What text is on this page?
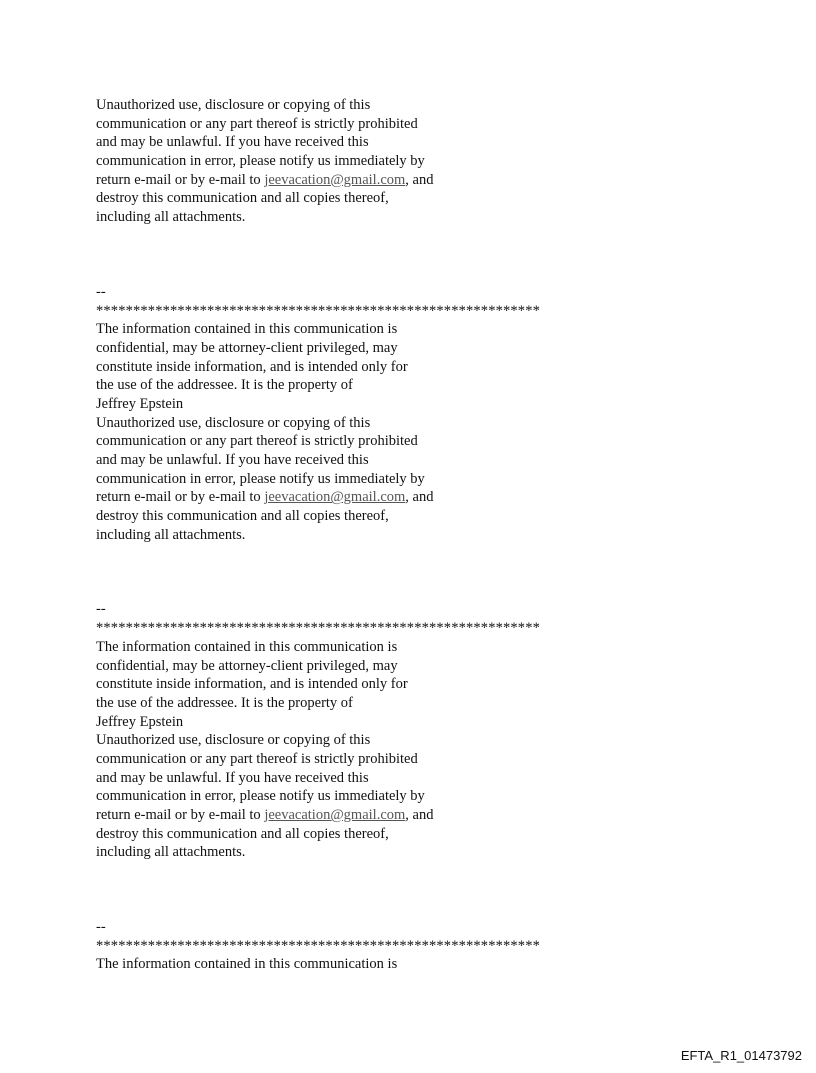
Unauthorized use, disclosure or copying of this
communication or any part thereof is strictly prohibited
and may be unlawful. If you have received this
communication in error, please notify us immediately by
return e-mail or by e-mail to jeevacation@gmail.com, and
destroy this communication and all copies thereof,
including all attachments.
--
************************************************************
The information contained in this communication is
confidential, may be attorney-client privileged, may
constitute inside information, and is intended only for
the use of the addressee. It is the property of
Jeffrey Epstein
Unauthorized use, disclosure or copying of this
communication or any part thereof is strictly prohibited
and may be unlawful. If you have received this
communication in error, please notify us immediately by
return e-mail or by e-mail to jeevacation@gmail.com, and
destroy this communication and all copies thereof,
including all attachments.
--
************************************************************
The information contained in this communication is
confidential, may be attorney-client privileged, may
constitute inside information, and is intended only for
the use of the addressee. It is the property of
Jeffrey Epstein
Unauthorized use, disclosure or copying of this
communication or any part thereof is strictly prohibited
and may be unlawful. If you have received this
communication in error, please notify us immediately by
return e-mail or by e-mail to jeevacation@gmail.com, and
destroy this communication and all copies thereof,
including all attachments.
--
************************************************************
The information contained in this communication is
EFTA_R1_01473792
